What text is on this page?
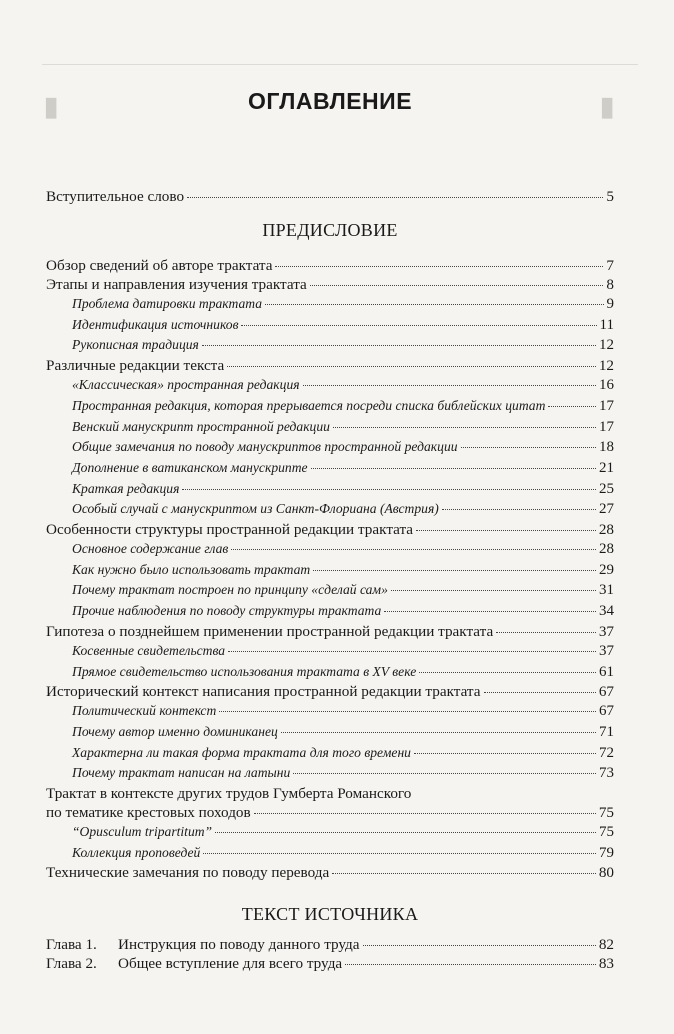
▮	▮
ОГЛАВЛЕНИЕ
Вступительное слово	5
ПРЕДИСЛОВИЕ
Обзор сведений об авторе трактата	7
Этапы и направления изучения трактата	8
Проблема датировки трактата	9
Идентификация источников	11
Рукописная традиция	12
Различные редакции текста	12
«Классическая» пространная редакция	16
Пространная редакция, которая прерывается посреди списка библейских цитат	17
Венский манускрипт пространной редакции	17
Общие замечания по поводу манускриптов пространной редакции	18
Дополнение в ватиканском манускрипте	21
Краткая редакция	25
Особый случай с манускриптом из Санкт-Флориана (Австрия)	27
Особенности структуры пространной редакции трактата	28
Основное содержание глав	28
Как нужно было использовать трактат	29
Почему трактат построен по принципу «сделай сам»	31
Прочие наблюдения по поводу структуры трактата	34
Гипотеза о позднейшем применении пространной редакции трактата	37
Косвенные свидетельства	37
Прямое свидетельство использования трактата в XV веке	61
Исторический контекст написания пространной редакции трактата	67
Политический контекст	67
Почему автор именно доминиканец	71
Характерна ли такая форма трактата для того времени	72
Почему трактат написан на латыни	73
Трактат в контексте других трудов Гумберта Романского
по тематике крестовых походов	75
“Opusculum tripartitum”	75
Коллекция проповедей	79
Технические замечания по поводу перевода	80
ТЕКСТ ИСТОЧНИКА
Глава 1.	Инструкция по поводу данного труда	82
Глава 2.	Общее вступление для всего труда	83
